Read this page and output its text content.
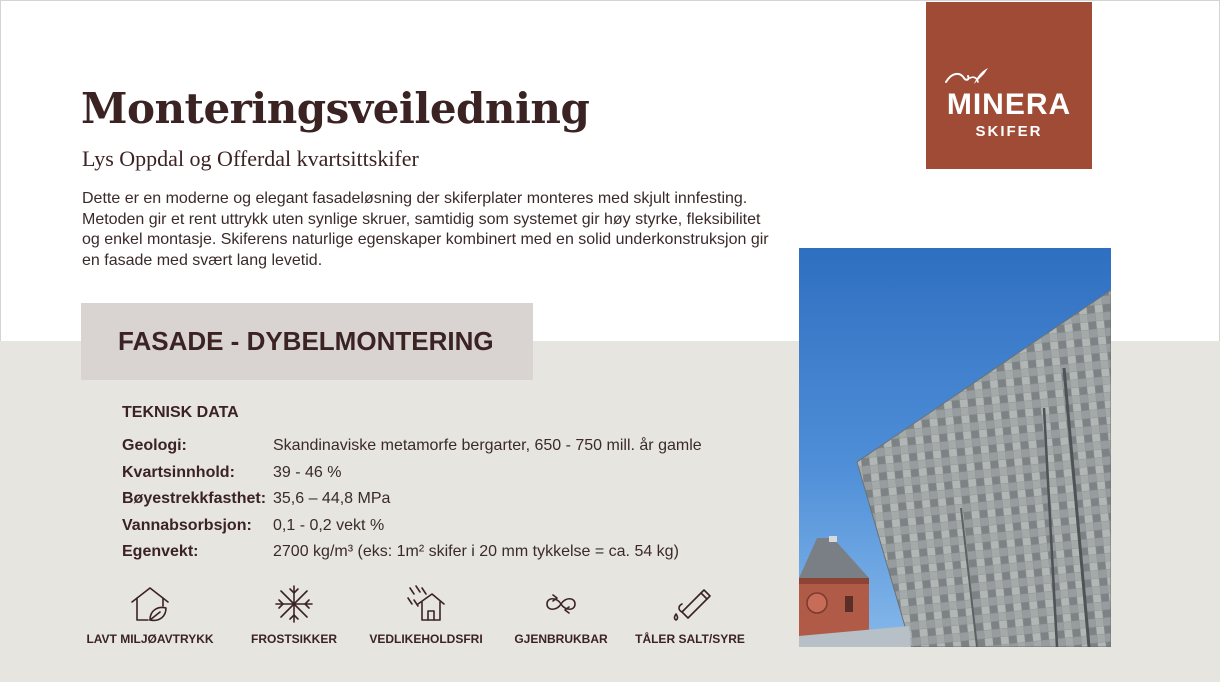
Monteringsveiledning

Lys Oppdal og Offerdal kvartsittskifer

Dette er en moderne og elegant fasadeløsning der skiferplater monteres med skjult innfesting. Metoden gir et rent uttrykk uten synlige skruer, samtidig som systemet gir høy styrke, fleksibilitet og enkel montasje. Skiferens naturlige egenskaper kombinert med en solid underkonstruksjon gir en fasade med svært lang levetid.

MINERA
SKIFER
FASADE - DYBELMONTERING
TEKNISK DATA
Geologi:	Skandinaviske metamorfe bergarter, 650 - 750 mill. år gamle
Kvartsinnhold: 39 - 46 %
Bøyestrekkfasthet: 35,6 – 44,8 MPa
Vannabsorbsjon: 0,1 - 0,2 vekt %
Egenvekt:	2700 kg/m³ (eks: 1m² skifer i 20 mm tykkelse = ca. 54 kg)
LAVT MILJØAVTRYKK	FROSTSIKKER	VEDLIKEHOLDSFRI	GJENBRUKBAR	TÅLER SALT/SYRE
